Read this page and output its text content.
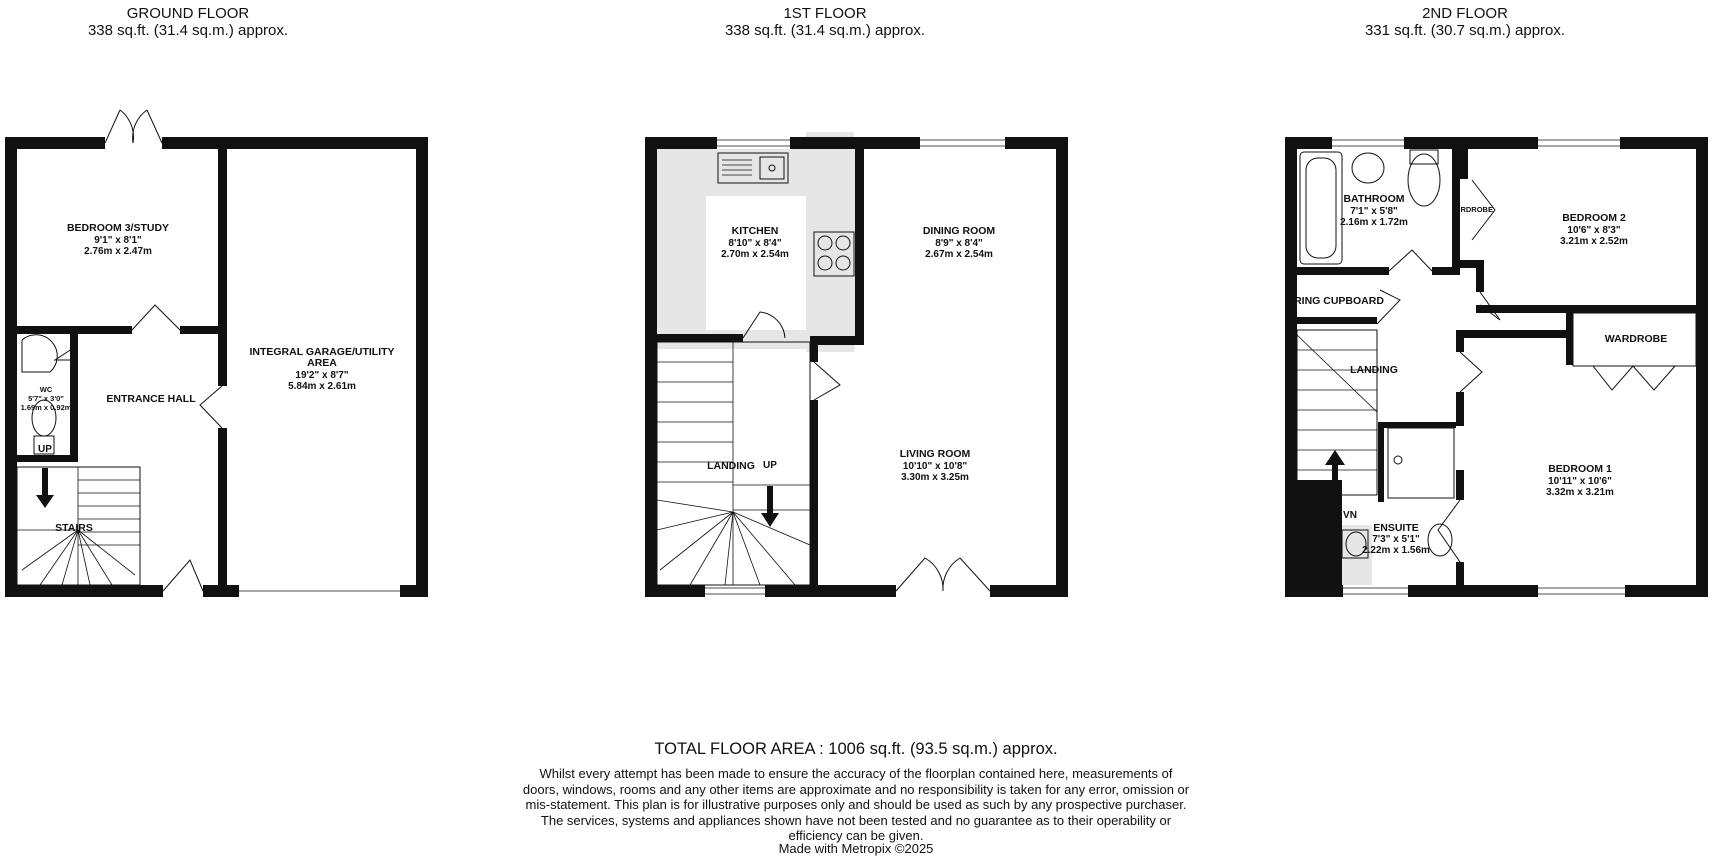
GROUND FLOOR
338 sq.ft. (31.4 sq.m.) approx.
1ST FLOOR
338 sq.ft. (31.4 sq.m.) approx.
2ND FLOOR
331 sq.ft. (30.7 sq.m.) approx.
BEDROOM 3/STUDY
9'1" x 8'1"
2.76m x 2.47m
WC
5'7" x 3'0"
1.69m x 0.92m
UP
ENTRANCE HALL
INTEGRAL GARAGE/UTILITY
AREA
19'2" x 8'7"
5.84m x 2.61m
STAIRS
KITCHEN
8'10" x 8'4"
2.70m x 2.54m
DINING ROOM
8'9" x 8'4"
2.67m x 2.54m
LIVING ROOM
10'10" x 10'8"
3.30m x 3.25m
LANDING UP
BATHROOM
7'1" x 5'8"
2.16m x 1.72m
ARDROBE
BEDROOM 2
10'6" x 8'3"
3.21m x 2.52m
RING CUPBOARD
LANDING
WARDROBE
BEDROOM 1
10'11" x 10'6"
3.32m x 3.21m
ENSUITE
7'3" x 5'1"
2.22m x 1.56m
VN
TOTAL FLOOR AREA : 1006 sq.ft. (93.5 sq.m.) approx.
Whilst every attempt has been made to ensure the accuracy of the floorplan contained here, measurements of doors, windows, rooms and any other items are approximate and no responsibility is taken for any error, omission or mis-statement. This plan is for illustrative purposes only and should be used as such by any prospective purchaser. The services, systems and appliances shown have not been tested and no guarantee as to their operability or efficiency can be given.
Made with Metropix ©2025
